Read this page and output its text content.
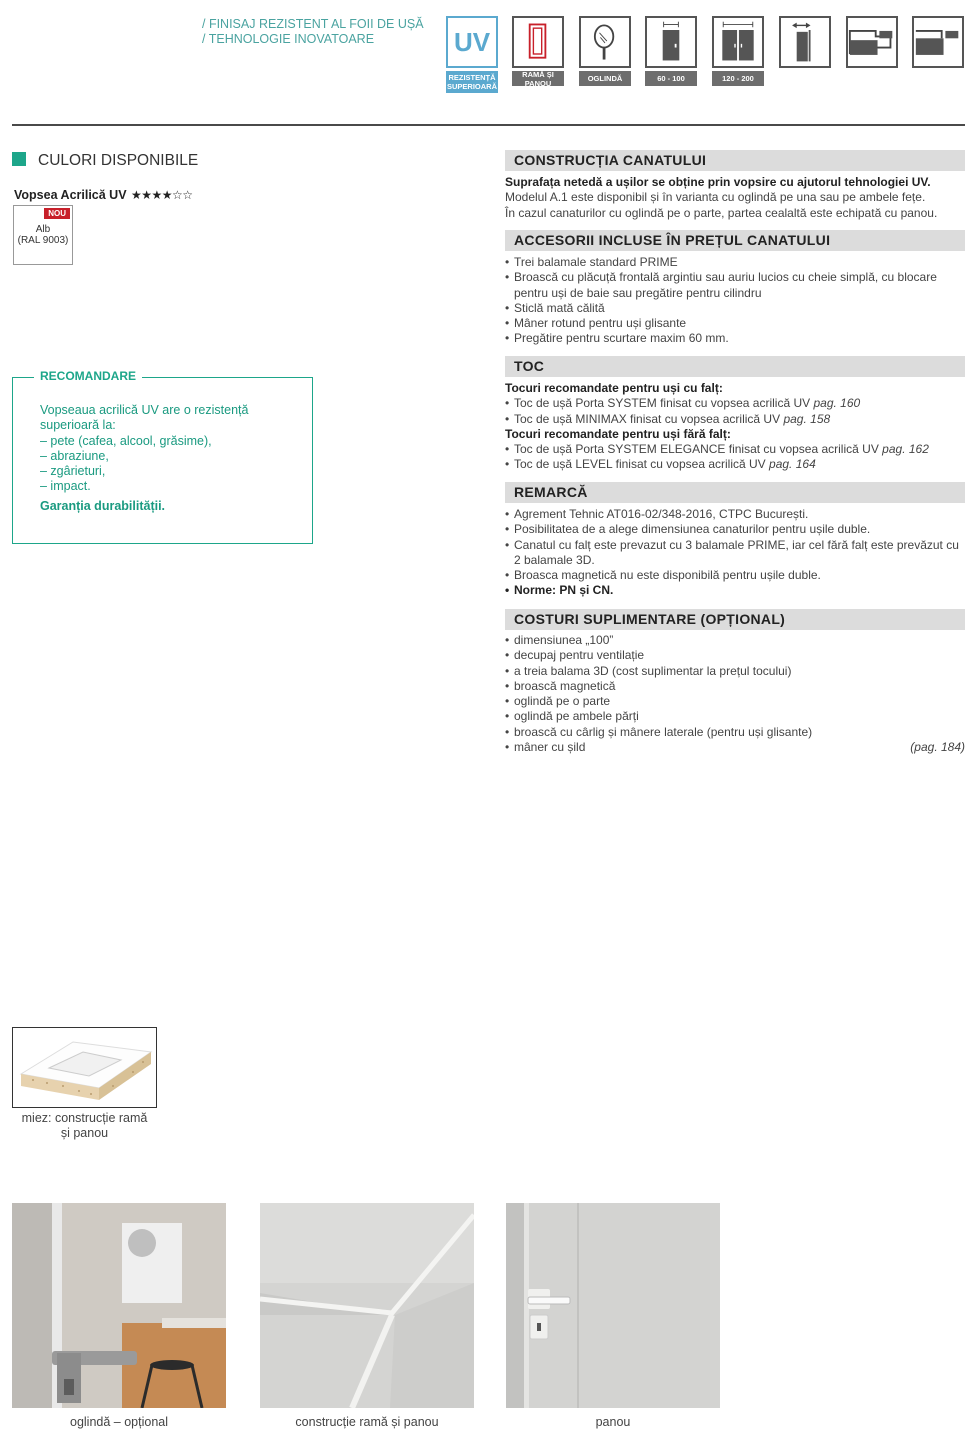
/ FINISAJ REZISTENT AL FOII DE UȘĂ
/ TEHNOLOGIE INOVATOARE	UV
REZISTENȚĂ
SUPERIOARĂ
RAMĂ ȘI PANOU	OGLINDĂ	60 - 100	120 - 200
CULORI DISPONIBILE
Vopsea Acrilică UV ★★★★☆☆
NOU
Alb
(RAL 9003)
RECOMANDARE
Vopseaua acrilică UV are o rezistență
superioară la:
– pete (cafea, alcool, grăsime),
– abraziune,
– zgârieturi,
– impact.
Garanția durabilității.
CONSTRUCȚIA CANATULUI
Suprafața netedă a ușilor se obține prin vopsire cu ajutorul tehnologiei UV.
Modelul A.1 este disponibil și în varianta cu oglindă pe una sau pe ambele fețe.
În cazul canaturilor cu oglindă pe o parte, partea cealaltă este echipată cu panou.
ACCESORII INCLUSE ÎN PREȚUL CANATULUI
• Trei balamale standard PRIME
• Broască cu plăcuță frontală argintiu sau auriu lucios cu cheie simplă, cu blocare pentru uși de baie sau pregătire pentru cilindru
• Sticlă mată călită
• Mâner rotund pentru uși glisante
• Pregătire pentru scurtare maxim 60 mm.
TOC
Tocuri recomandate pentru uși cu falț:
• Toc de ușă Porta SYSTEM finisat cu vopsea acrilică UV pag. 160
• Toc de ușă MINIMAX finisat cu vopsea acrilică UV pag. 158
Tocuri recomandate pentru uși fără falț:
• Toc de ușă Porta SYSTEM ELEGANCE finisat cu vopsea acrilică UV pag. 162
• Toc de ușă LEVEL finisat cu vopsea acrilică UV pag. 164
REMARCĂ
• Agrement Tehnic AT016-02/348-2016, CTPC București.
• Posibilitatea de a alege dimensiunea canaturilor pentru ușile duble.
• Canatul cu falț este prevazut cu 3 balamale PRIME, iar cel fără falț este prevăzut cu 2 balamale 3D.
• Broasca magnetică nu este disponibilă pentru ușile duble.
• Norme: PN și CN.
COSTURI SUPLIMENTARE (OPȚIONAL)
• dimensiunea „100”
• decupaj pentru ventilație
• a treia balama 3D (cost suplimentar la prețul tocului)
• broască magnetică
• oglindă pe o parte
• oglindă pe ambele părți
• broască cu cârlig și mânere laterale (pentru uși glisante)
• mâner cu șild	(pag. 184)
miez: construcție ramă
și panou
oglindă – opțional	construcție ramă și panou	panou
